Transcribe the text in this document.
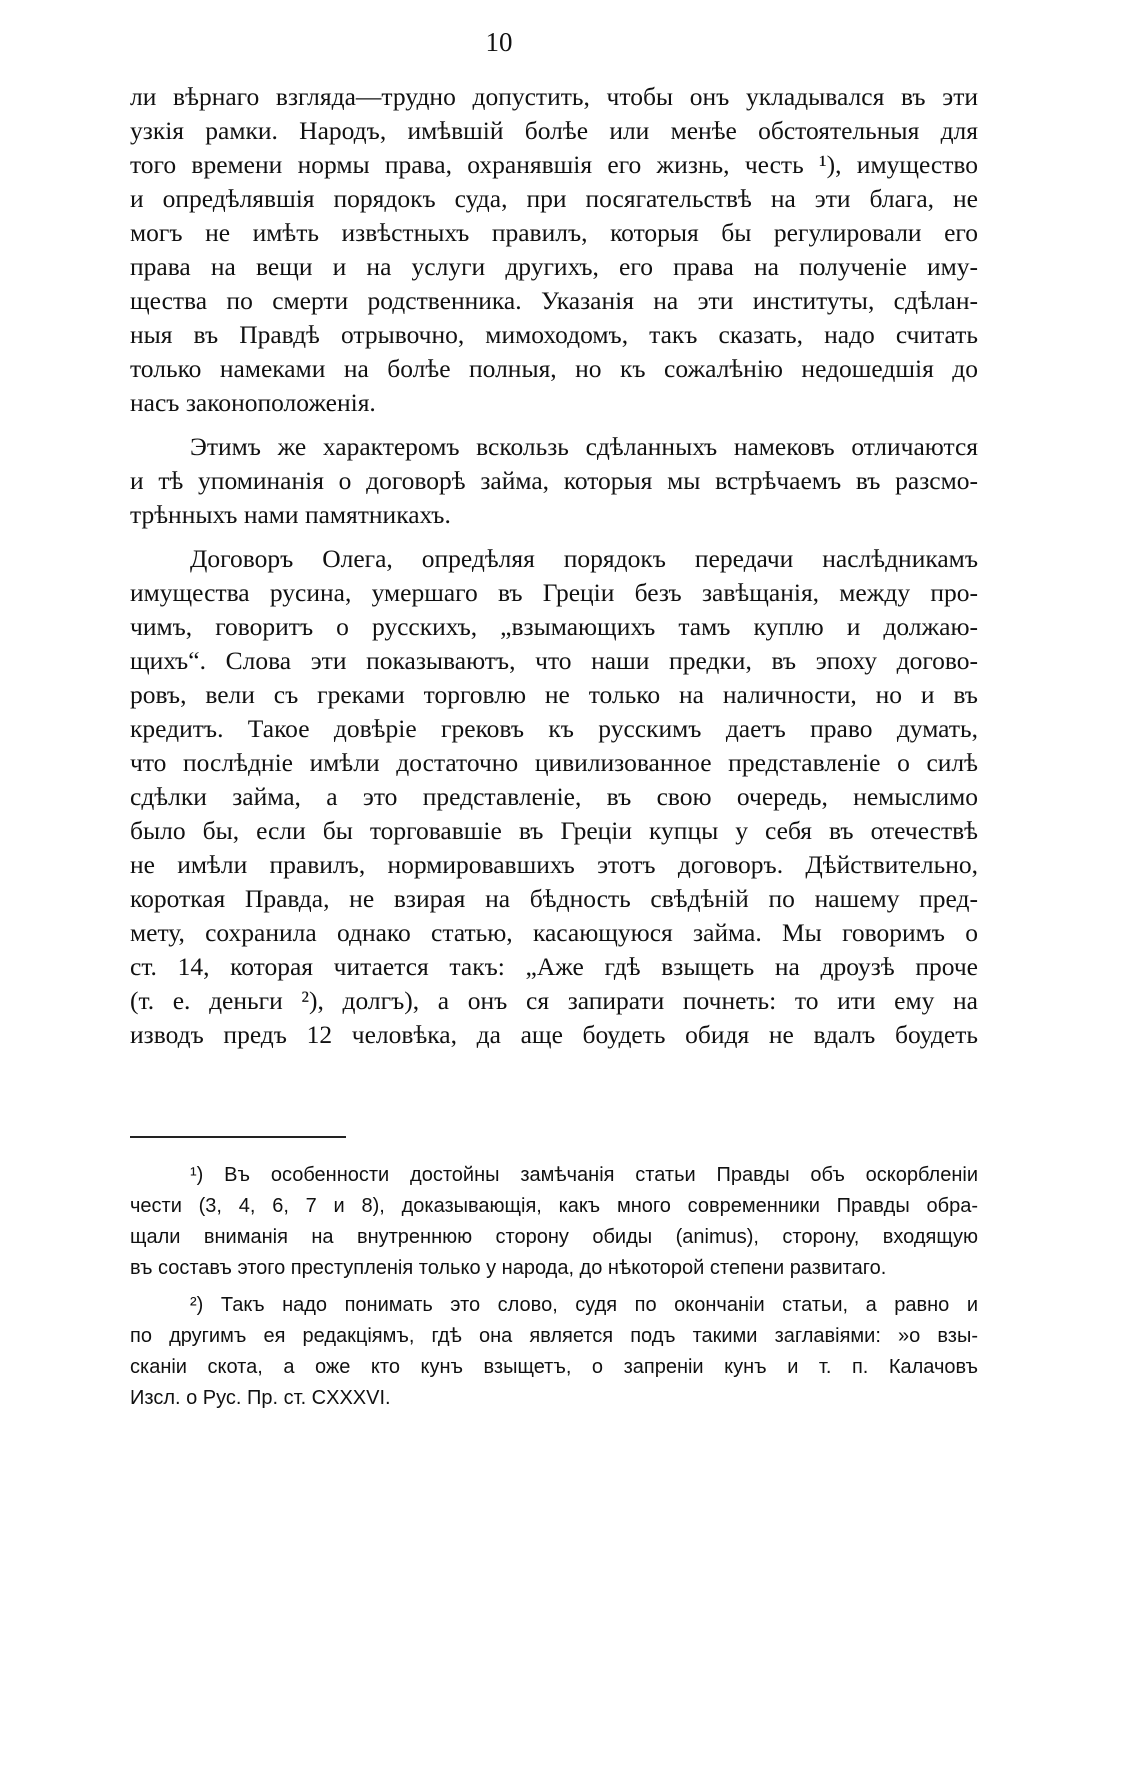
10

ли вѣрнаго взгляда—трудно допустить, чтобы онъ укладывался въ эти
узкія рамки. Народъ, имѣвшій болѣе или менѣе обстоятельныя для
того времени нормы права, охранявшія его жизнь, честь ¹), имущество
и опредѣлявшія порядокъ суда, при посягательствѣ на эти блага, не
могъ не имѣть извѣстныхъ правилъ, которыя бы регулировали его
права на вещи и на услуги другихъ, его права на полученіе иму-
щества по смерти родственника. Указанія на эти институты, сдѣлан-
ныя въ Правдѣ отрывочно, мимоходомъ, такъ сказать, надо считать
только намеками на болѣе полныя, но къ сожалѣнію недошедшія до
насъ законоположенія.

Этимъ же характеромъ вскользь сдѣланныхъ намековъ отличаются
и тѣ упоминанія о договорѣ займа, которыя мы встрѣчаемъ въ разсмо-
трѣнныхъ нами памятникахъ.

Договоръ Олега, опредѣляя порядокъ передачи наслѣдникамъ
имущества русина, умершаго въ Греціи безъ завѣщанія, между про-
чимъ, говоритъ о русскихъ, „взымающихъ тамъ куплю и должаю-
щихъ“. Слова эти показываютъ, что наши предки, въ эпоху догово-
ровъ, вели съ греками торговлю не только на наличности, но и въ
кредитъ. Такое довѣріе грековъ къ русскимъ даетъ право думать,
что послѣдніе имѣли достаточно цивилизованное представленіе о силѣ
сдѣлки займа, а это представленіе, въ свою очередь, немыслимо
было бы, если бы торговавшіе въ Греціи купцы у себя въ отечествѣ
не имѣли правилъ, нормировавшихъ этотъ договоръ. Дѣйствительно,
короткая Правда, не взирая на бѣдность свѣдѣній по нашему пред-
мету, сохранила однако статью, касающуюся займа. Мы говоримъ о
ст. 14, которая читается такъ: „Аже гдѣ взыщеть на дроузѣ проче
(т. е. деньги ²), долгъ), а онъ ся запирати почнеть: то ити ему на
изводъ предъ 12 человѣка, да аще боудеть обидя не вдалъ боудеть

¹) Въ особенности достойны замѣчанія статьи Правды объ оскорбленіи
чести (3, 4, 6, 7 и 8), доказывающія, какъ много современники Правды обра-
щали вниманія на внутреннюю сторону обиды (animus), сторону, входящую
въ составъ этого преступленія только у народа, до нѣкоторой степени развитаго.

²) Такъ надо понимать это слово, судя по окончаніи статьи, а равно и
по другимъ ея редакціямъ, гдѣ она является подъ такими заглавіями: »о взы-
сканіи скота, а оже кто кунъ взыщетъ, о запреніи кунъ и т. п. Калачовъ
Изсл. о Рус. Пр. ст. CXXXVI.
